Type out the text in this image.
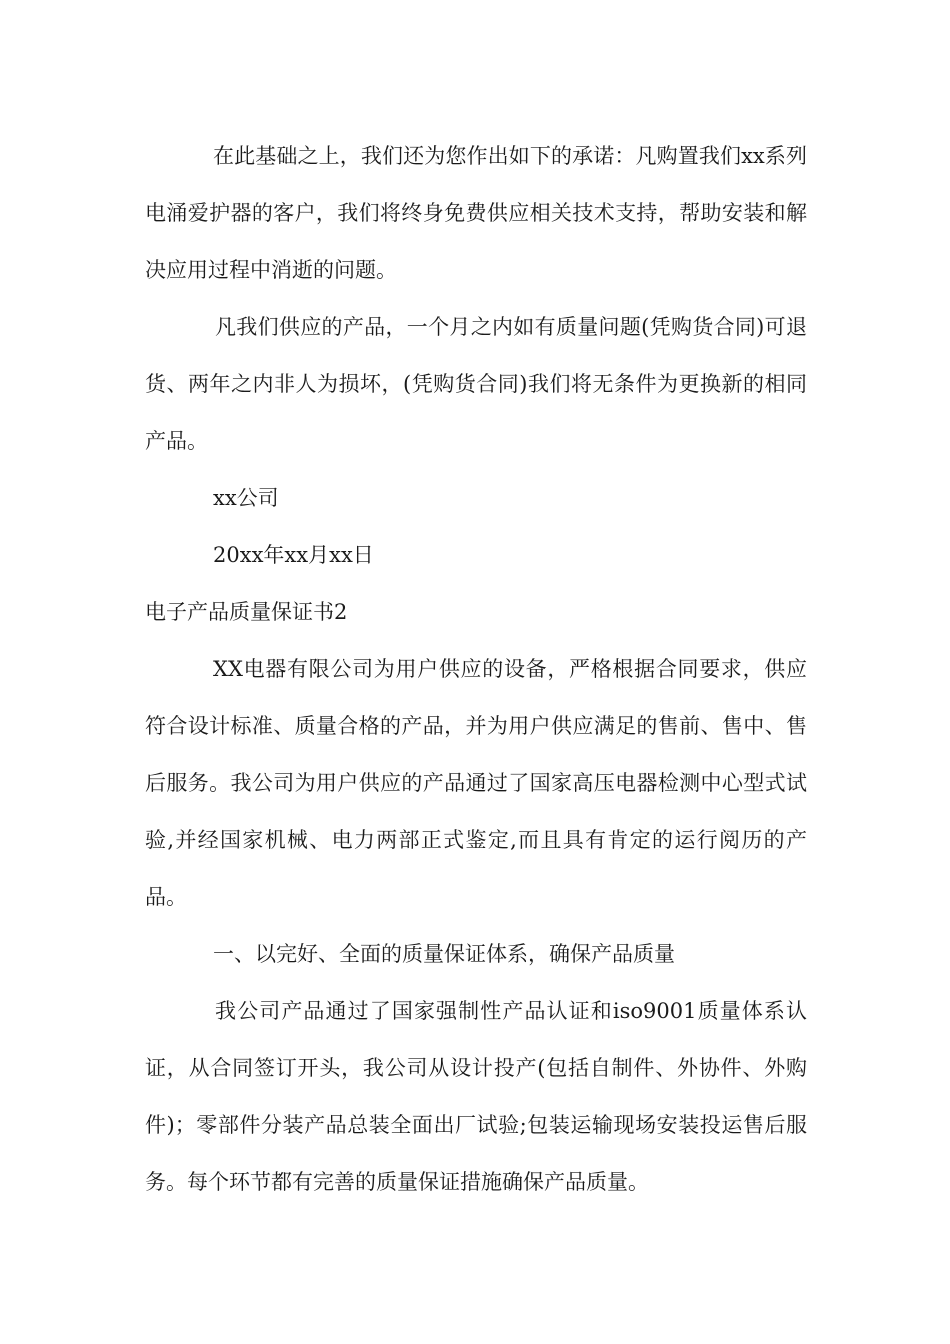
在此基础之上，我们还为您作出如下的承诺：凡购置我们xx系列电涌爱护器的客户，我们将终身免费供应相关技术支持，帮助安装和解决应用过程中消逝的问题。

凡我们供应的产品，一个月之内如有质量问题(凭购货合同)可退货、两年之内非人为损坏，(凭购货合同)我们将无条件为更换新的相同产品。

xx公司

20xx年xx月xx日

电子产品质量保证书2

XX电器有限公司为用户供应的设备，严格根据合同要求，供应符合设计标准、质量合格的产品，并为用户供应满足的售前、售中、售后服务。我公司为用户供应的产品通过了国家高压电器检测中心型式试验,并经国家机械、电力两部正式鉴定,而且具有肯定的运行阅历的产品。

一、以完好、全面的质量保证体系，确保产品质量

我公司产品通过了国家强制性产品认证和iso9001质量体系认证，从合同签订开头，我公司从设计投产(包括自制件、外协件、外购件)；零部件分装产品总装全面出厂试验;包装运输现场安装投运售后服务。每个环节都有完善的质量保证措施确保产品质量。
